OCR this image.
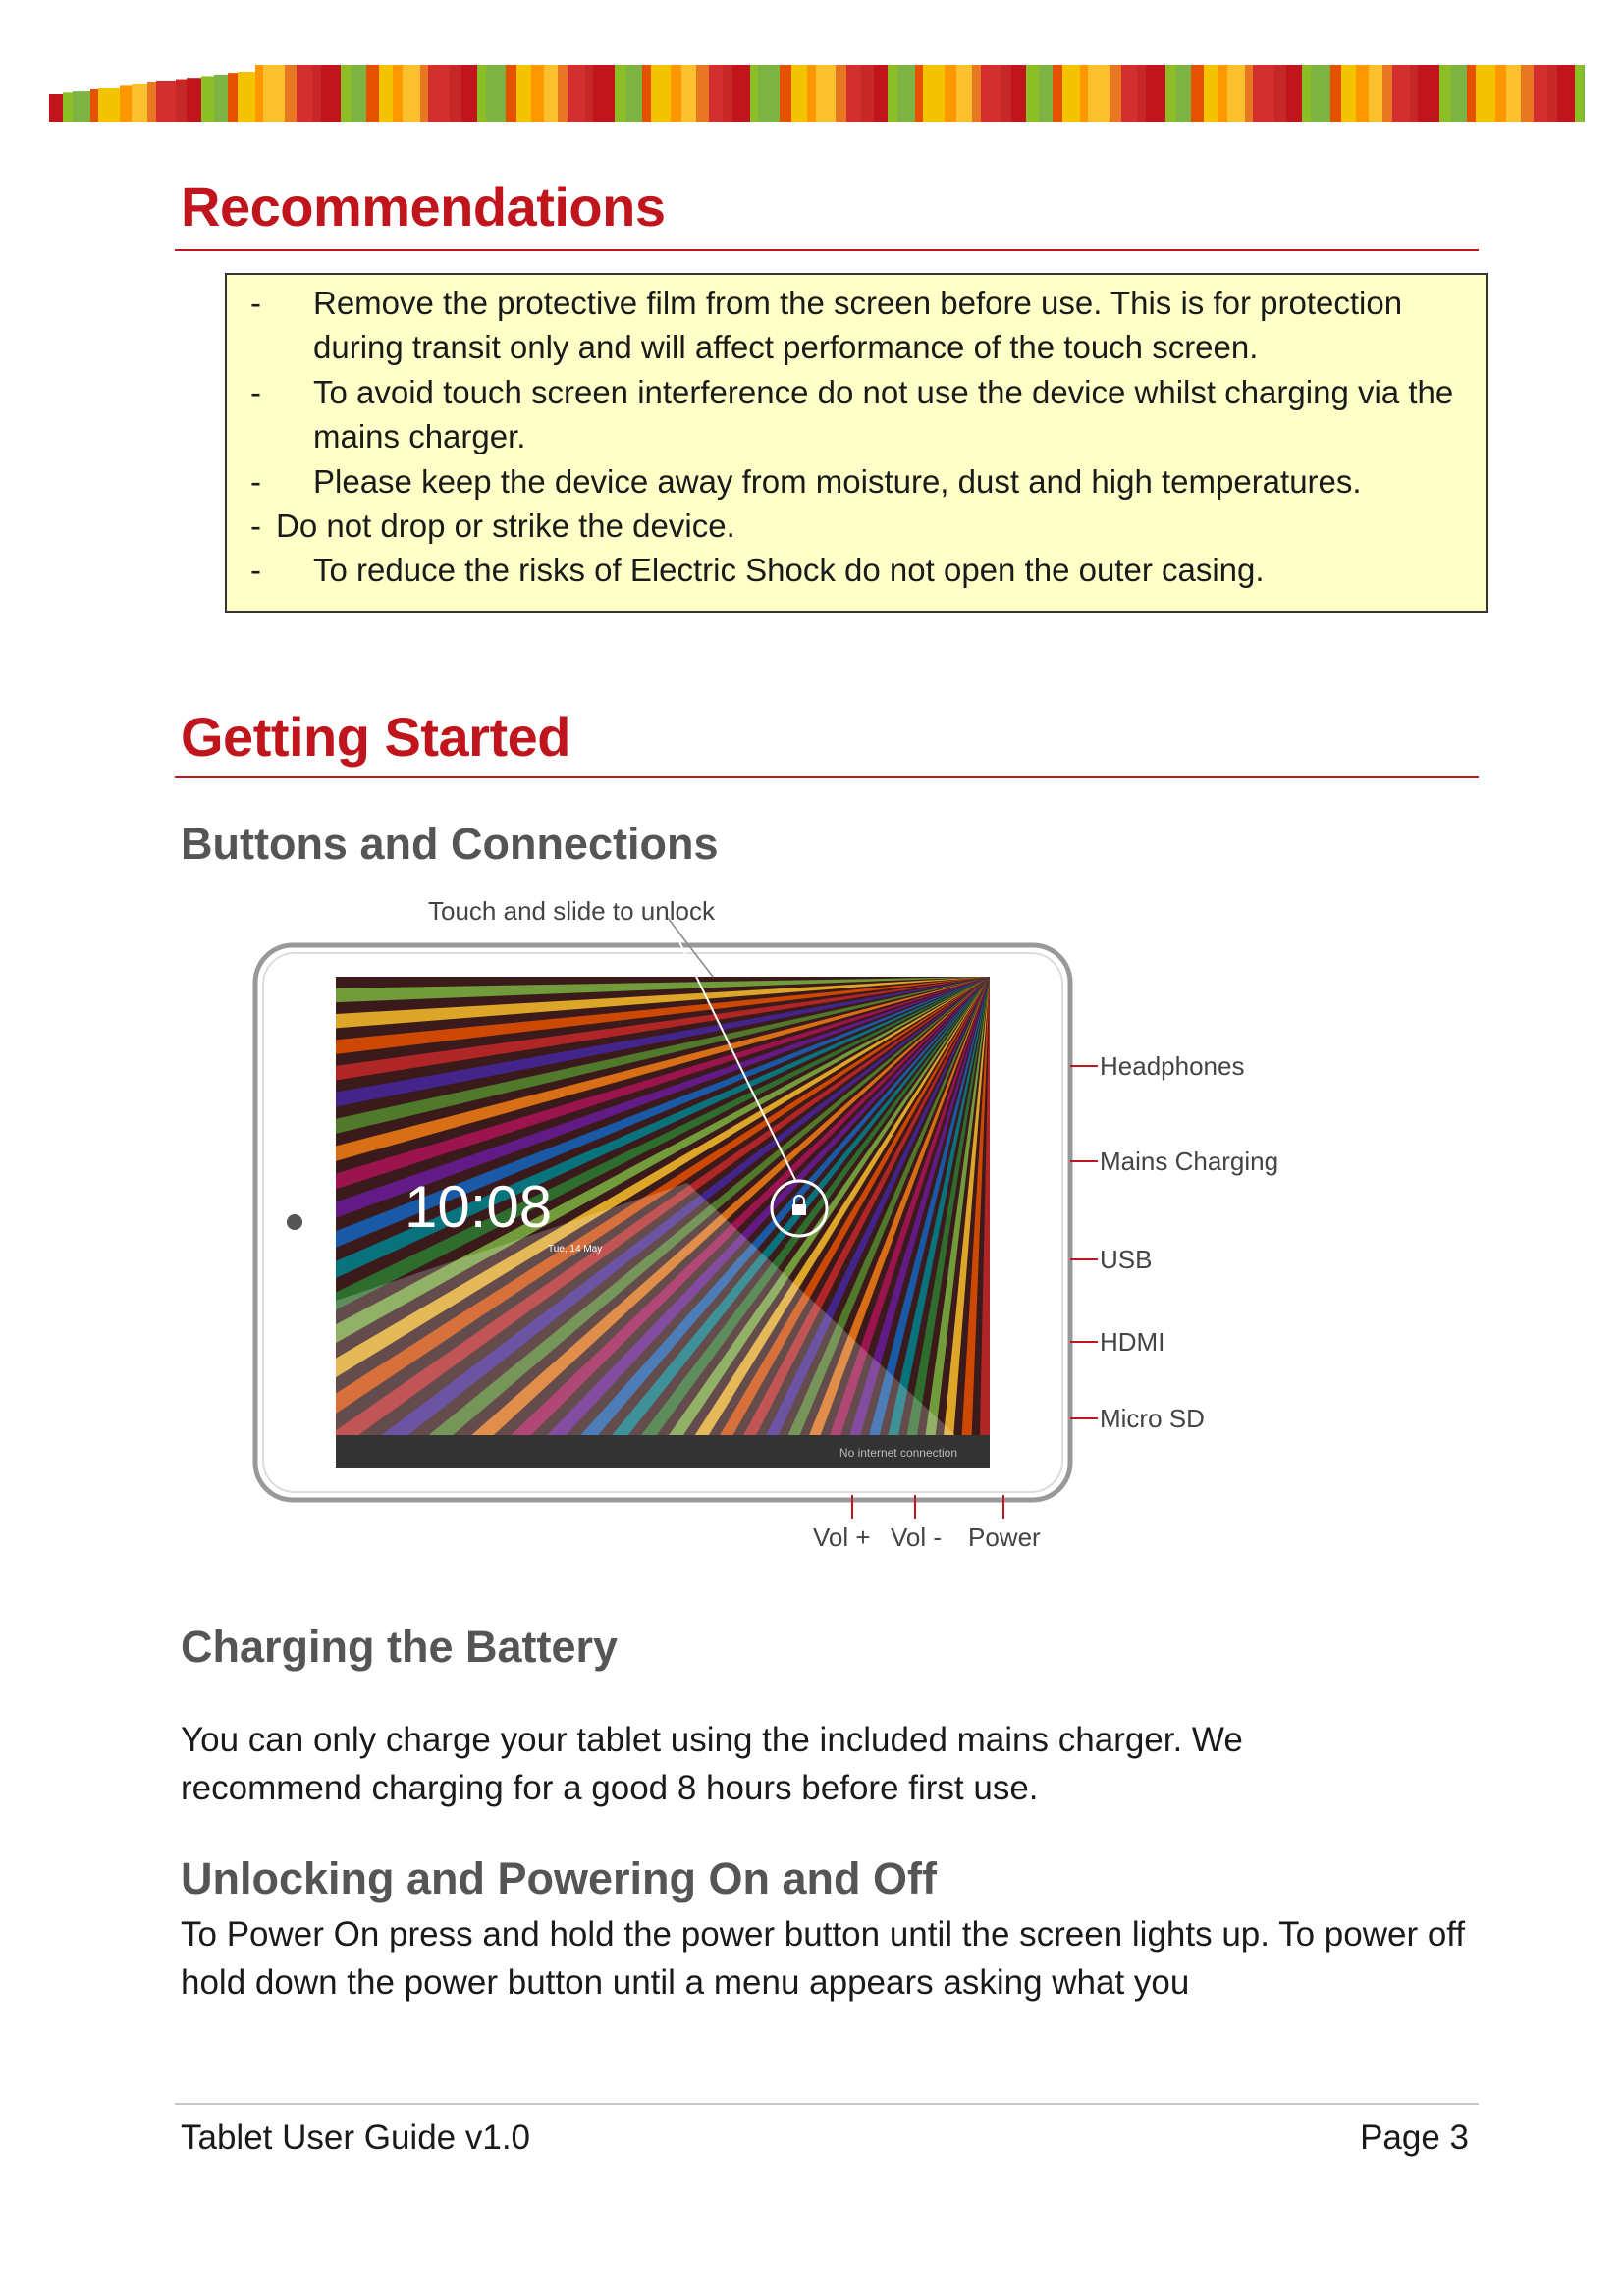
Recommendations
- Remove the protective film from the screen before use. This is for protection during transit only and will affect performance of the touch screen.
- To avoid touch screen interference do not use the device whilst charging via the mains charger.
- Please keep the device away from moisture, dust and high temperatures.
- Do not drop or strike the device.
- To reduce the risks of Electric Shock do not open the outer casing.
Getting Started
Buttons and Connections
No internet connection
10:08
Tue, 14 May
Touch and slide to unlock
Headphones
Mains Charging
USB
HDMI
Micro SD
Vol + Vol - Power
Charging the Battery

You can only charge your tablet using the included mains charger. We recommend charging for a good 8 hours before first use.

Unlocking and Powering On and Off

To Power On press and hold the power button until the screen lights up. To power off hold down the power button until a menu appears asking what you

Tablet User Guide v1.0	Page 3
